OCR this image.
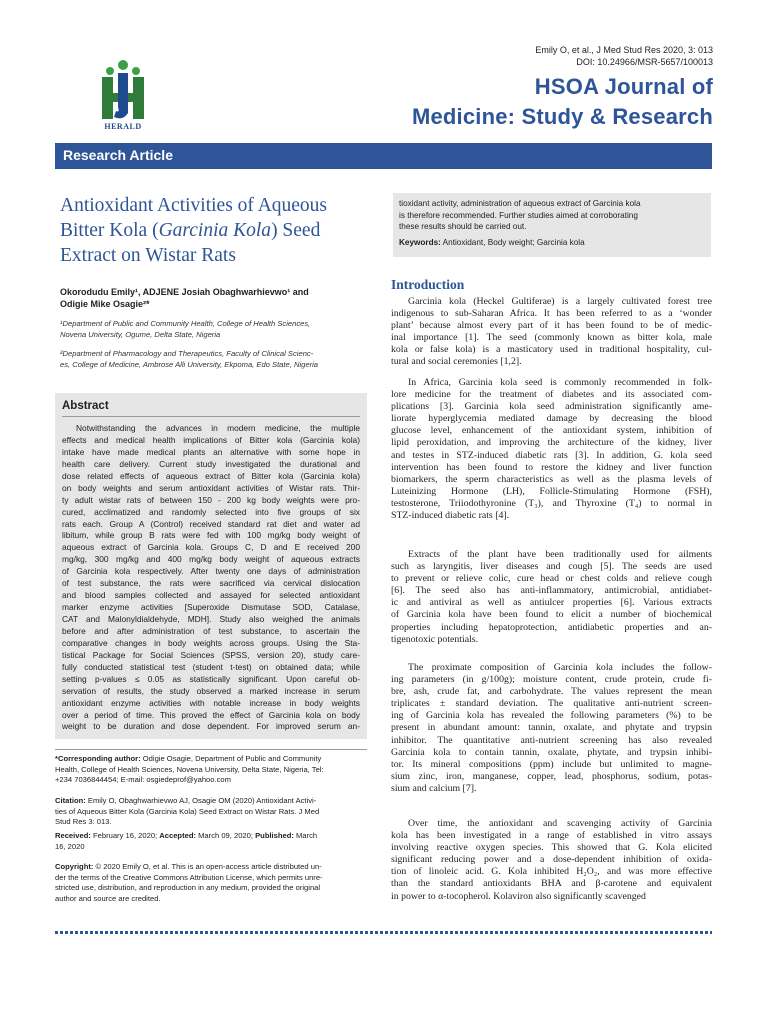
Emily O, et al., J Med Stud Res 2020, 3: 013
DOI: 10.24966/MSR-5657/100013
HSOA Journal of
Medicine: Study & Research
HERALD
Research Article
Antioxidant Activities of Aqueous
Bitter Kola (Garcinia Kola) Seed
Extract on Wistar Rats
Okorodudu Emily¹, ADJENE Josiah Obaghwarhievwo¹ and
Odigie Mike Osagie²*
¹Department of Public and Community Health, College of Health Sciences,
Novena University, Ogume, Delta State, Nigeria
²Department of Pharmacology and Therapeutics, Faculty of Clinical Scienc-
es, College of Medicine, Ambrose Alli University, Ekpoma, Edo State, Nigeria
Abstract
Notwithstanding the advances in modern medicine, the multiple
effects and medical health implications of Bitter kola (Garcinia kola)
intake have made medical plants an alternative with some hope in
health care delivery. Current study investigated the durational and
dose related effects of aqueous extract of Bitter kola (Garcinia kola)
on body weights and serum antioxidant activities of Wistar rats. Thir-
ty adult wistar rats of between 150 - 200 kg body weights were pro-
cured, acclimatized and randomly selected into five groups of six
rats each. Group A (Control) received standard rat diet and water ad
libitum, while group B rats were fed with 100 mg/kg body weight of
aqueous extract of Garcinia kola. Groups C, D and E received 200
mg/kg, 300 mg/kg and 400 mg/kg body weight of aqueous extracts
of Garcinia kola respectively. After twenty one days of administration
of test substance, the rats were sacrificed via cervical dislocation
and blood samples collected and assayed for selected antioxidant
marker enzyme activities [Superoxide Dismutase SOD, Catalase,
CAT and Malonyldialdehyde, MDH]. Study also weighed the animals
before and after administration of test substance, to ascertain the
comparative changes in body weights across groups. Using the Sta-
tistical Package for Social Sciences (SPSS, version 20), study care-
fully conducted statistical test (student t-test) on obtained data; while
setting p-values ≤ 0.05 as statistically significant. Upon careful ob-
servation of results, the study observed a marked increase in serum
antioxidant enzyme activities with notable increase in body weights
over a period of time. This proved the effect of Garcinia kola on body
weight to be duration and dose dependent. For improved serum an-
*Corresponding author: Odigie Osagie, Department of Public and Community
Health, College of Health Sciences, Novena University, Delta State, Nigeria, Tel:
+234 7036844454; E-mail: osgiedeprof@yahoo.com
Citation: Emily O, Obaghwarhievwo AJ, Osagie OM (2020) Antioxidant Activi-
ties of Aqueous Bitter Kola (Garcinia Kola) Seed Extract on Wistar Rats. J Med
Stud Res 3: 013.
Received: February 16, 2020; Accepted: March 09, 2020; Published: March
16, 2020
Copyright: © 2020 Emily O, et al. This is an open-access article distributed un-
der the terms of the Creative Commons Attribution License, which permits unre-
stricted use, distribution, and reproduction in any medium, provided the original
author and source are credited.
tioxidant activity, administration of aqueous extract of Garcinia kola
is therefore recommended. Further studies aimed at corroborating
these results should be carried out.
Keywords: Antioxidant, Body weight; Garcinia kola
Introduction
Garcinia kola (Heckel Gultiferae) is a largely cultivated forest tree
indigenous to sub-Saharan Africa. It has been referred to as a ‘wonder
plant’ because almost every part of it has been found to be of medic-
inal importance [1]. The seed (commonly known as bitter kola, male
kola or false kola) is a masticatory used in traditional hospitality, cul-
tural and social ceremonies [1,2].
In Africa, Garcinia kola seed is commonly recommended in folk-
lore medicine for the treatment of diabetes and its associated com-
plications [3]. Garcinia kola seed administration significantly ame-
liorate hyperglycemia mediated damage by decreasing the blood
glucose level, enhancement of the antioxidant system, inhibition of
lipid peroxidation, and improving the architecture of the kidney, liver
and testes in STZ-induced diabetic rats [3]. In addition, G. kola seed
intervention has been found to restore the kidney and liver function
biomarkers, the sperm characteristics as well as the plasma levels of
Luteinizing Hormone (LH), Follicle-Stimulating Hormone (FSH),
testosterone, Triiodothyronine (T₃), and Thyroxine (T₄) to normal in
STZ-induced diabetic rats [4].
Extracts of the plant have been traditionally used for ailments
such as laryngitis, liver diseases and cough [5]. The seeds are used
to prevent or relieve colic, cure head or chest colds and relieve cough
[6]. The seed also has anti-inflammatory, antimicrobial, antidiabet-
ic and antiviral as well as antiulcer properties [6]. Various extracts
of Garcinia kola have been found to elicit a number of biochemical
properties including hepatoprotection, antidiabetic properties and an-
tigenotoxic potentials.
The proximate composition of Garcinia kola includes the follow-
ing parameters (in g/100g); moisture content, crude protein, crude fi-
bre, ash, crude fat, and carbohydrate. The values represent the mean
triplicates ± standard deviation. The qualitative anti-nutrient screen-
ing of Garcinia kola has revealed the following parameters (%) to be
present in abundant amount: tannin, oxalate, and phytate and trypsin
inhibitor. The quantitative anti-nutrient screening has also revealed
Garcinia kola to contain tannin, oxalate, phytate, and trypsin inhibi-
tor. Its mineral compositions (ppm) include but unlimited to magne-
sium zinc, iron, manganese, copper, lead, phosphorus, sodium, potas-
sium and calcium [7].
Over time, the antioxidant and scavenging activity of Garcinia
kola has been investigated in a range of established in vitro assays
involving reactive oxygen species. This showed that G. Kola elicited
significant reducing power and a dose-dependent inhibition of oxida-
tion of linoleic acid. G. Kola inhibited H₂O₂, and was more effective
than the standard antioxidants BHA and β-carotene and equivalent
in power to α-tocopherol. Kolaviron also significantly scavenged
